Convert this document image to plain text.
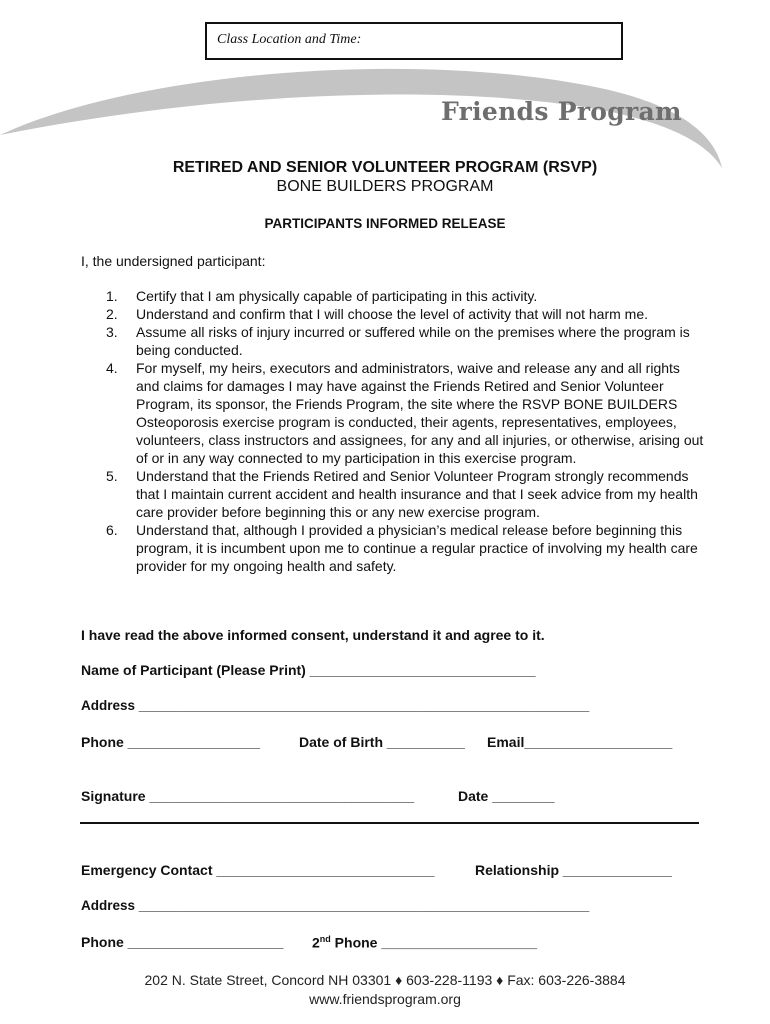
Class Location and Time:
Friends Program
RETIRED AND SENIOR VOLUNTEER PROGRAM (RSVP)
BONE BUILDERS PROGRAM
PARTICIPANTS INFORMED RELEASE
I, the undersigned participant:
1.	Certify that I am physically capable of participating in this activity.
2.	Understand and confirm that I will choose the level of activity that will not harm me.
3.	Assume all risks of injury incurred or suffered while on the premises where the program is being conducted.
4.	For myself, my heirs, executors and administrators, waive and release any and all rights and claims for damages I may have against the Friends Retired and Senior Volunteer Program, its sponsor, the Friends Program, the site where the RSVP BONE BUILDERS Osteoporosis exercise program is conducted, their agents, representatives, employees, volunteers, class instructors and assignees, for any and all injuries, or otherwise, arising out of or in any way connected to my participation in this exercise program.
5.	Understand that the Friends Retired and Senior Volunteer Program strongly recommends that I maintain current accident and health insurance and that I seek advice from my health care provider before beginning this or any new exercise program.
6.	Understand that, although I provided a physician’s medical release before beginning this program, it is incumbent upon me to continue a regular practice of involving my health care provider for my ongoing health and safety.
I have read the above informed consent, understand it and agree to it.
Name of Participant (Please Print) _____________________________
Address ____________________________________________________________
Phone _________________	Date of Birth __________ Email___________________
Signature __________________________________	Date ________
Emergency Contact ____________________________	Relationship ______________
Address ____________________________________________________________
Phone ____________________ 2nd Phone ____________________
202 N. State Street, Concord NH 03301 ♦ 603-228-1193 ♦ Fax: 603-226-3884
www.friendsprogram.org
